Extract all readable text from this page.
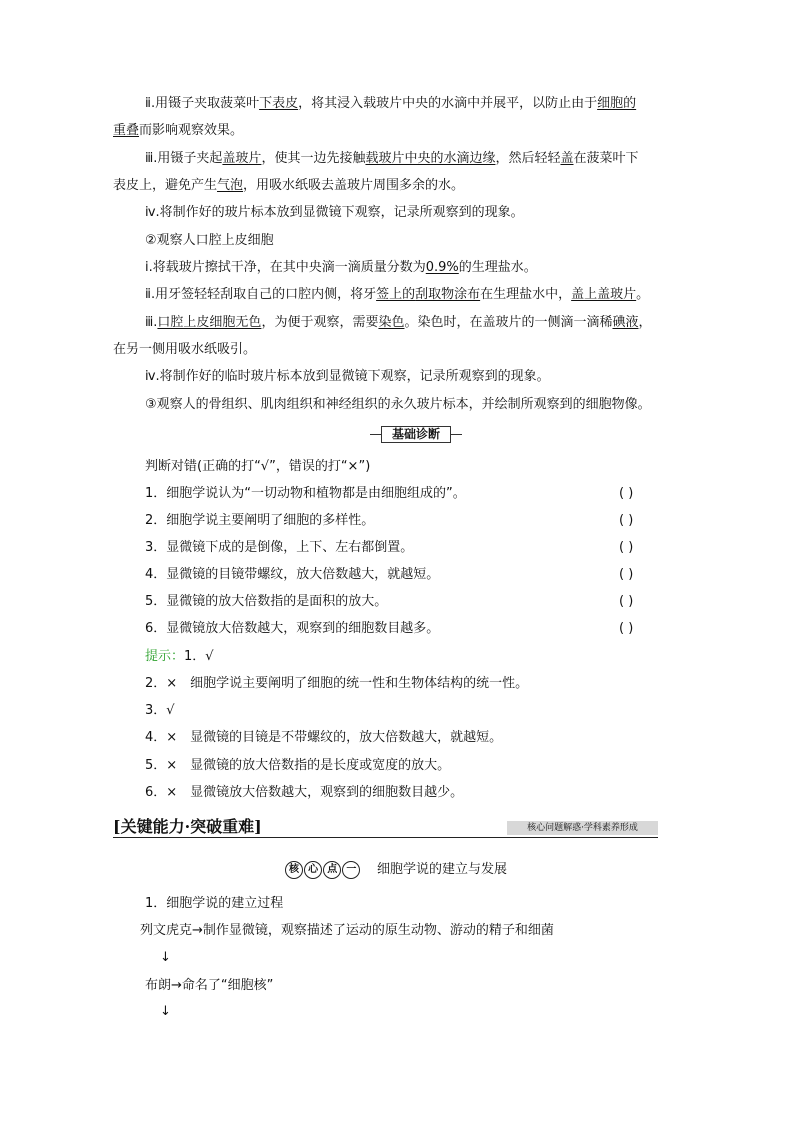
ⅱ.用镊子夹取菠菜叶下表皮，将其浸入载玻片中央的水滴中并展平，以防止由于细胞的
重叠而影响观察效果。
ⅲ.用镊子夹起盖玻片，使其一边先接触载玻片中央的水滴边缘，然后轻轻盖在菠菜叶下
表皮上，避免产生气泡，用吸水纸吸去盖玻片周围多余的水。
ⅳ.将制作好的玻片标本放到显微镜下观察，记录所观察到的现象。
②观察人口腔上皮细胞
ⅰ.将载玻片擦拭干净，在其中央滴一滴质量分数为0.9%的生理盐水。
ⅱ.用牙签轻轻刮取自己的口腔内侧，将牙签上的刮取物涂布在生理盐水中，盖上盖玻片。
ⅲ.口腔上皮细胞无色，为便于观察，需要染色。染色时，在盖玻片的一侧滴一滴稀碘液，
在另一侧用吸水纸吸引。
ⅳ.将制作好的临时玻片标本放到显微镜下观察，记录所观察到的现象。
③观察人的骨组织、肌肉组织和神经组织的永久玻片标本，并绘制所观察到的细胞物像。
基础诊断
判断对错(正确的打“√”，错误的打“×”)
1．细胞学说认为“一切动物和植物都是由细胞组成的”。	( )
2．细胞学说主要阐明了细胞的多样性。	( )
3．显微镜下成的是倒像，上下、左右都倒置。	( )
4．显微镜的目镜带螺纹，放大倍数越大，就越短。	( )
5．显微镜的放大倍数指的是面积的放大。	( )
6．显微镜放大倍数越大，观察到的细胞数目越多。	( )
提示：1．√
2．×　细胞学说主要阐明了细胞的统一性和生物体结构的统一性。
3．√
4．×　显微镜的目镜是不带螺纹的，放大倍数越大，就越短。
5．×　显微镜的放大倍数指的是长度或宽度的放大。
6．×　显微镜放大倍数越大，观察到的细胞数目越少。
[关键能力·突破重难]	核心问题解惑·学科素养形成
核 心 点 一 细胞学说的建立与发展
1．细胞学说的建立过程
列文虎克→制作显微镜，观察描述了运动的原生动物、游动的精子和细菌
↓
布朗→命名了“细胞核”
↓
